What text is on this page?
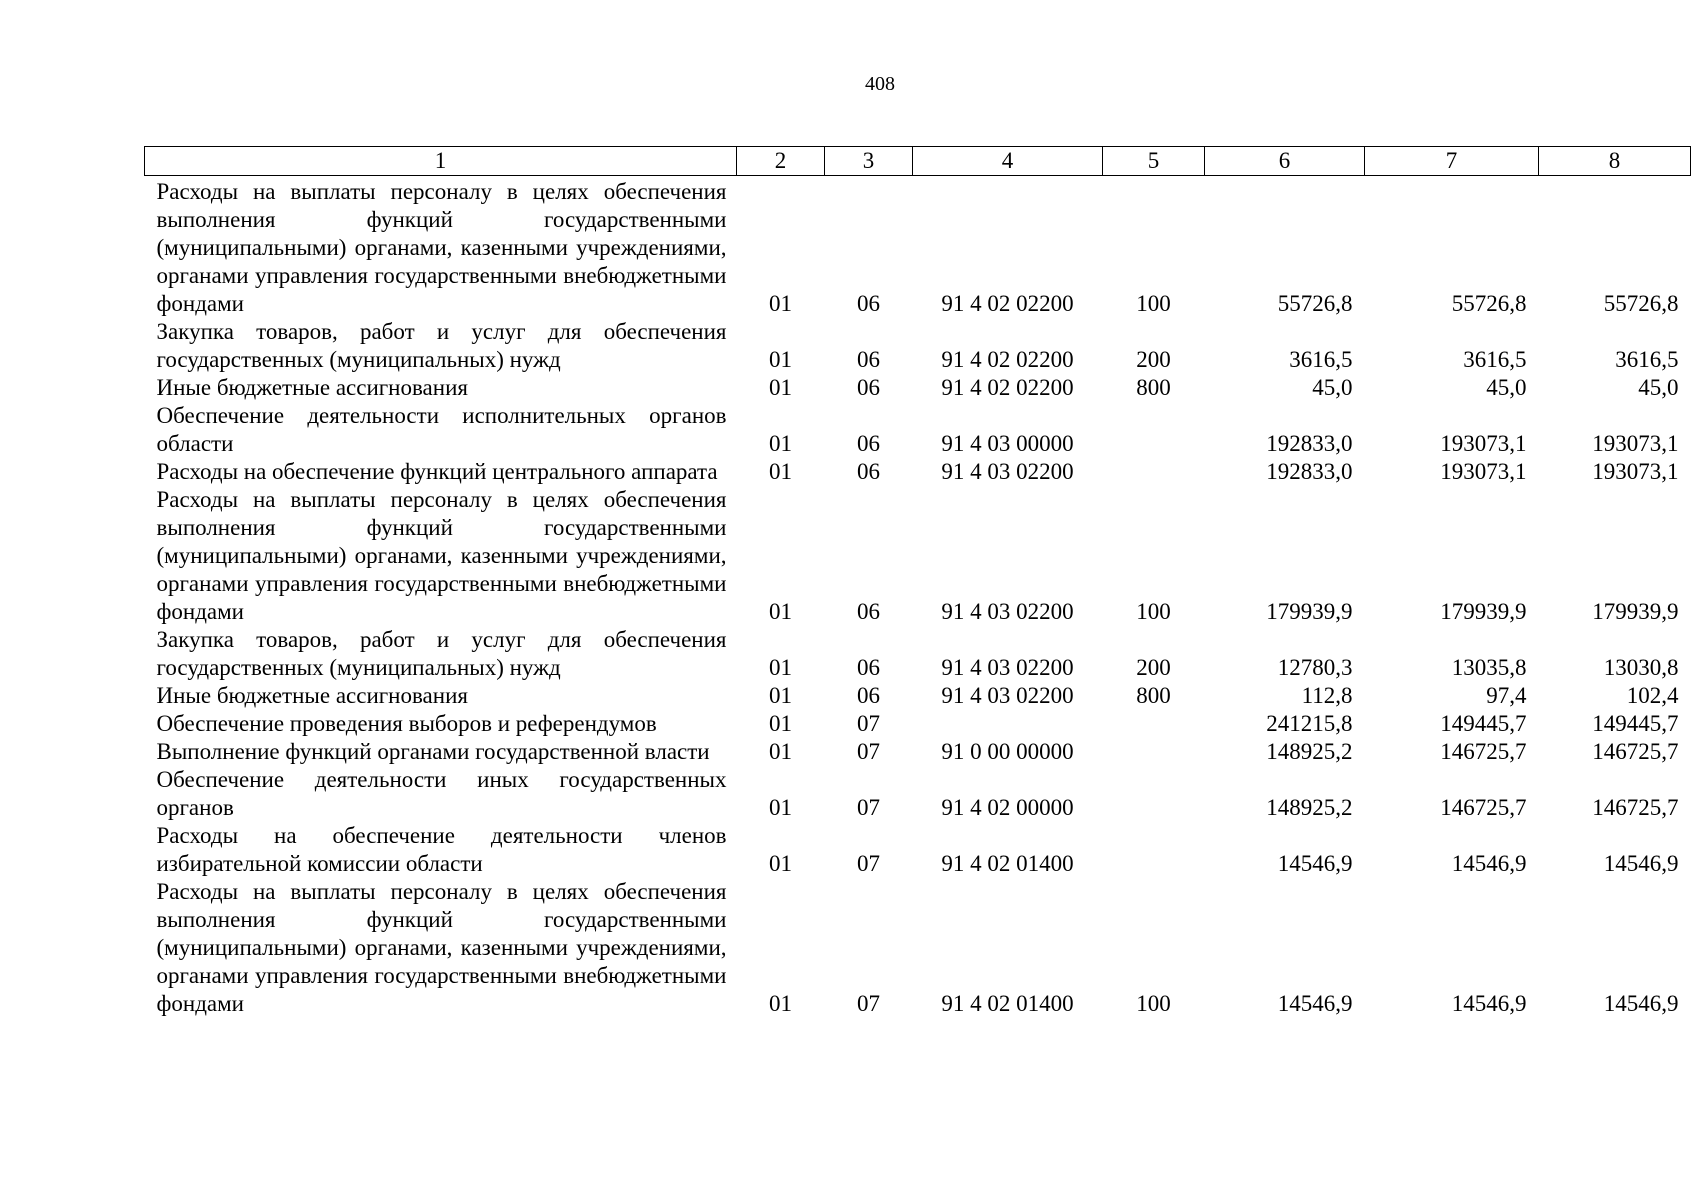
408
1	2	3	4	5	6	7	8
Расходы на выплаты персоналу в целях обеспечения выполнения функций государственными (муниципальными) органами, казенными учреждениями, органами управления государственными внебюджетными фондами	01	06	91 4 02 02200	100	55726,8	55726,8	55726,8
Закупка товаров, работ и услуг для обеспечения государственных (муниципальных) нужд	01	06	91 4 02 02200	200	3616,5	3616,5	3616,5
Иные бюджетные ассигнования	01	06	91 4 02 02200	800	45,0	45,0	45,0
Обеспечение деятельности исполнительных органов области	01	06	91 4 03 00000		192833,0	193073,1	193073,1
Расходы на обеспечение функций центрального аппарата	01	06	91 4 03 02200		192833,0	193073,1	193073,1
Расходы на выплаты персоналу в целях обеспечения выполнения функций государственными (муниципальными) органами, казенными учреждениями, органами управления государственными внебюджетными фондами	01	06	91 4 03 02200	100	179939,9	179939,9	179939,9
Закупка товаров, работ и услуг для обеспечения государственных (муниципальных) нужд	01	06	91 4 03 02200	200	12780,3	13035,8	13030,8
Иные бюджетные ассигнования	01	06	91 4 03 02200	800	112,8	97,4	102,4
Обеспечение проведения выборов и референдумов	01	07			241215,8	149445,7	149445,7
Выполнение функций органами государственной власти	01	07	91 0 00 00000		148925,2	146725,7	146725,7
Обеспечение деятельности иных государственных органов	01	07	91 4 02 00000		148925,2	146725,7	146725,7
Расходы на обеспечение деятельности членов избирательной комиссии области	01	07	91 4 02 01400		14546,9	14546,9	14546,9
Расходы на выплаты персоналу в целях обеспечения выполнения функций государственными (муниципальными) органами, казенными учреждениями, органами управления государственными внебюджетными фондами	01	07	91 4 02 01400	100	14546,9	14546,9	14546,9
